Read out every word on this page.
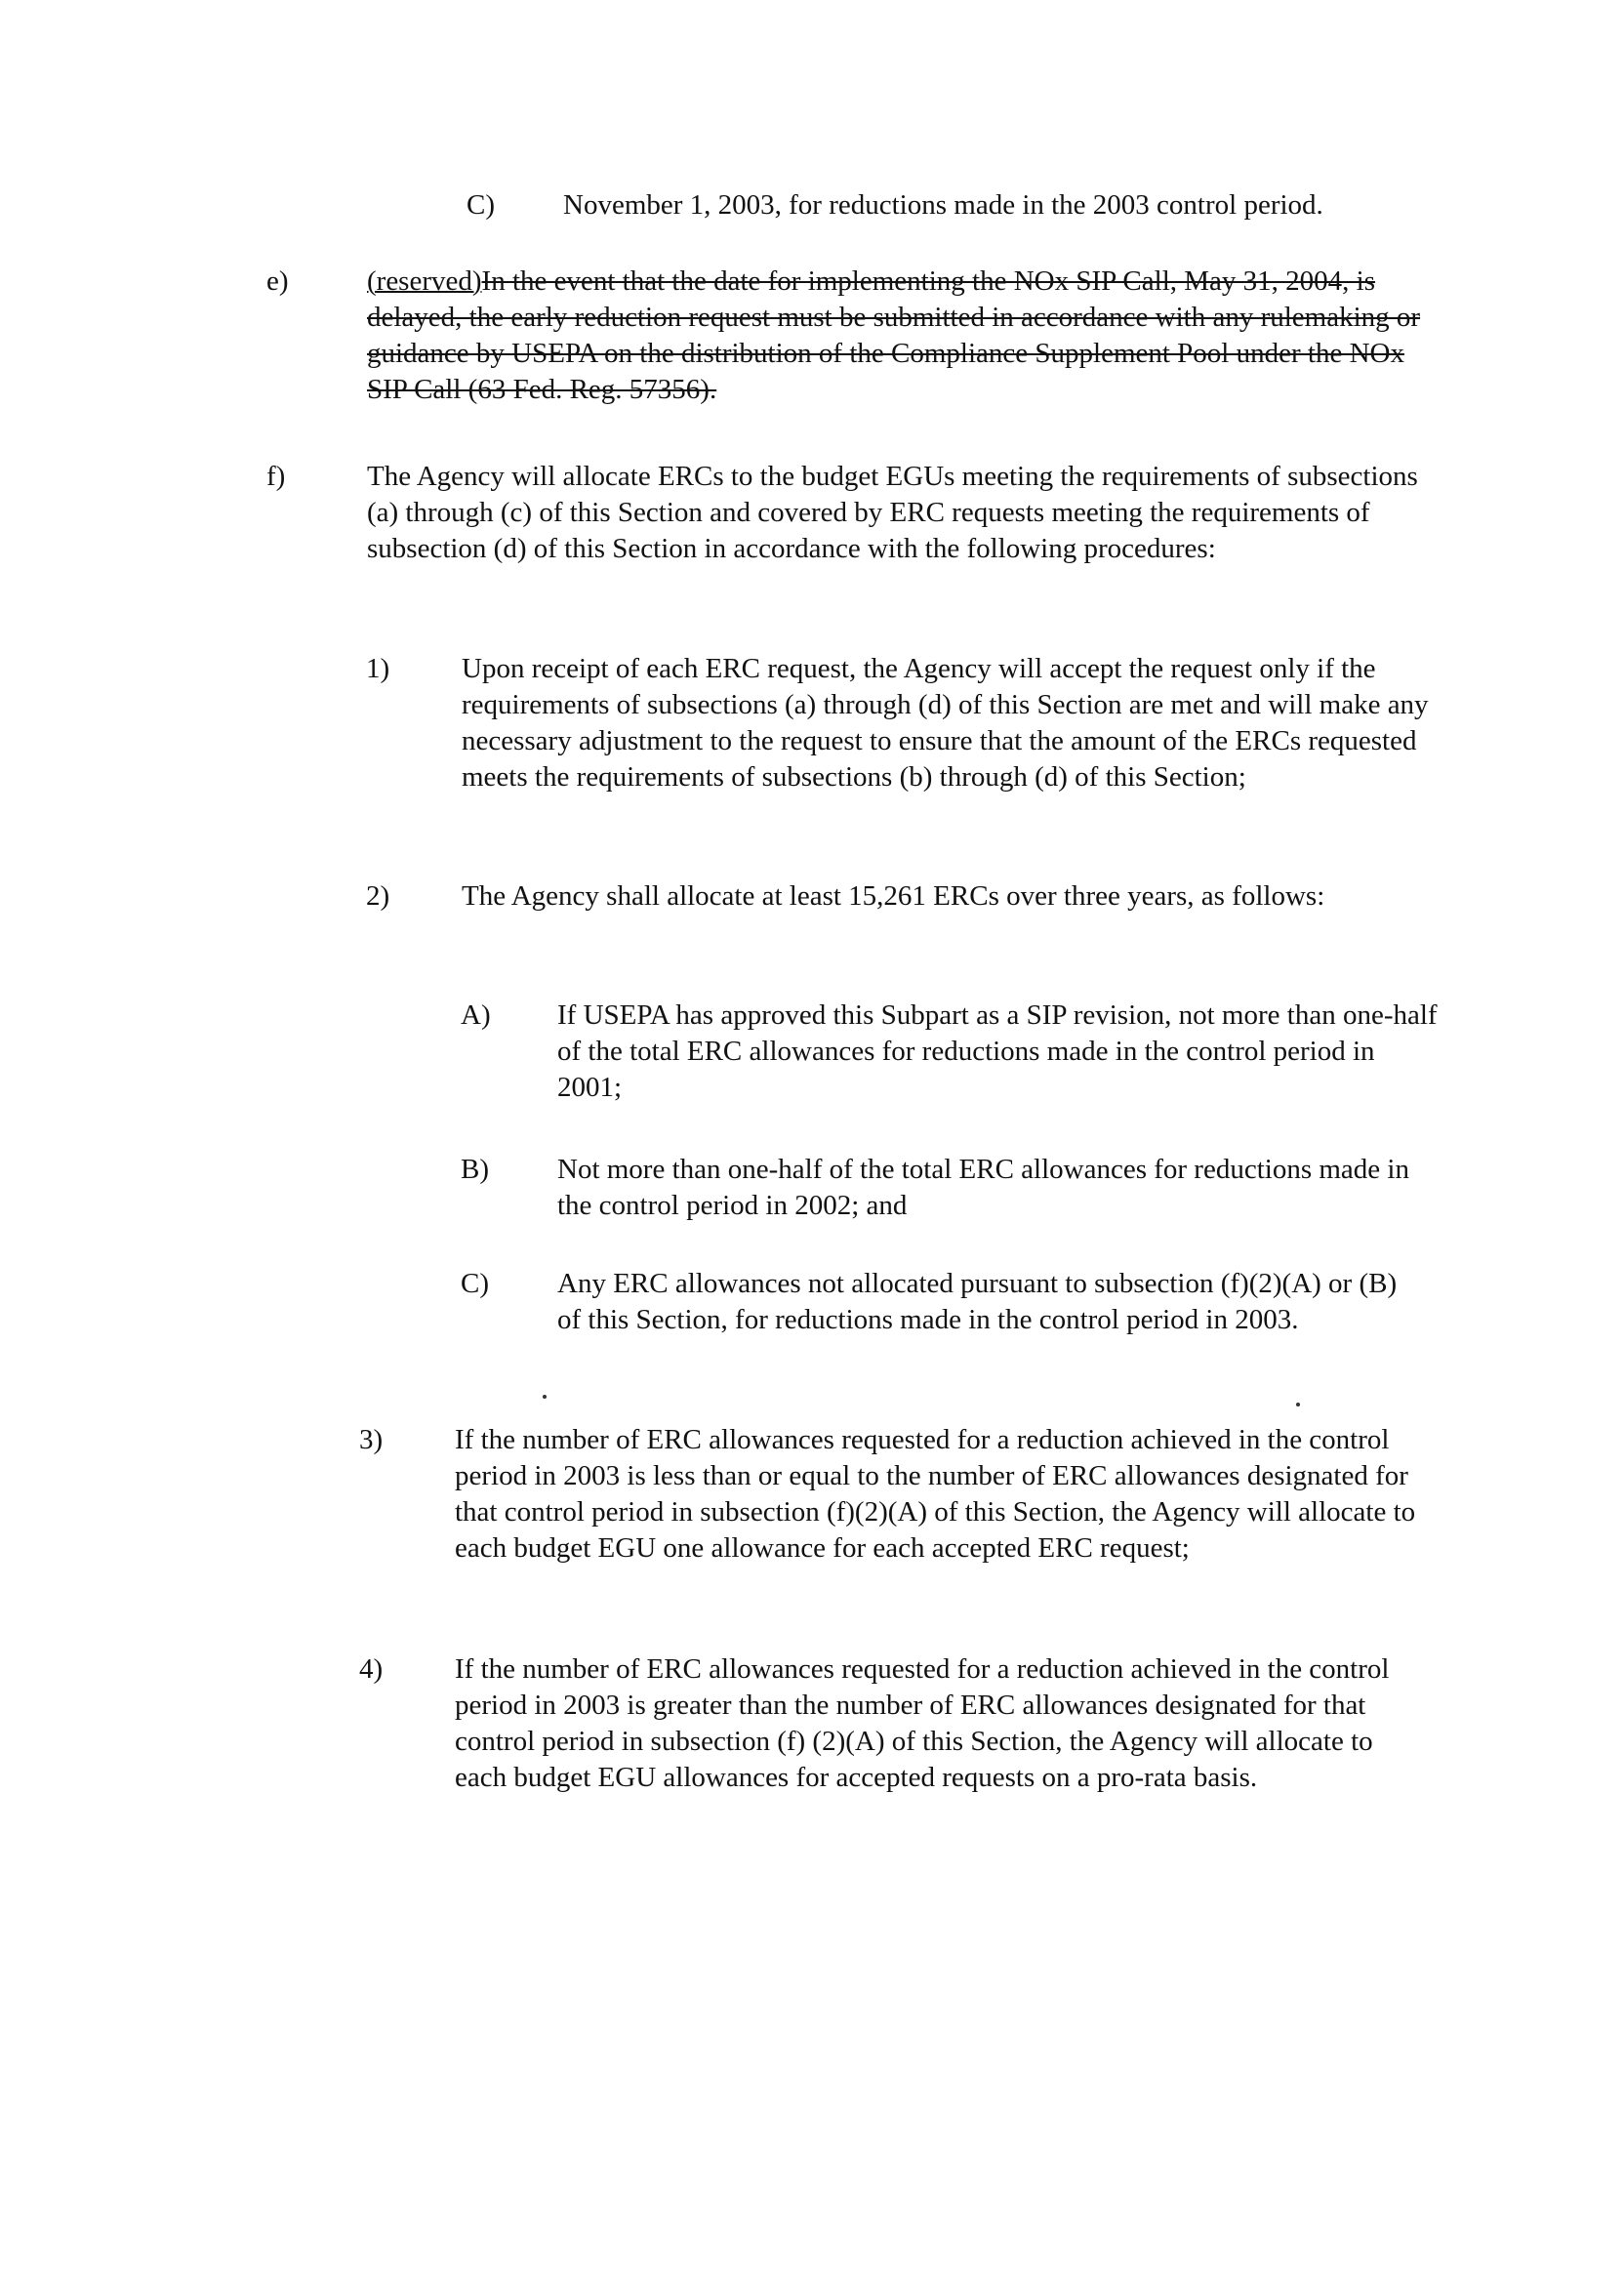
C) November 1, 2003, for reductions made in the 2003 control period.
e)	(reserved)In the event that the date for implementing the NOx SIP Call, May 31, 2004, is delayed, the early reduction request must be submitted in accordance with any rulemaking or guidance by USEPA on the distribution of the Compliance Supplement Pool under the NOx SIP Call (63 Fed. Reg. 57356).
f)	The Agency will allocate ERCs to the budget EGUs meeting the requirements of subsections (a) through (c) of this Section and covered by ERC requests meeting the requirements of subsection (d) of this Section in accordance with the following procedures:
1)	Upon receipt of each ERC request, the Agency will accept the request only if the requirements of subsections (a) through (d) of this Section are met and will make any necessary adjustment to the request to ensure that the amount of the ERCs requested meets the requirements of subsections (b) through (d) of this Section;
2)	The Agency shall allocate at least 15,261 ERCs over three years, as follows:
A) If USEPA has approved this Subpart as a SIP revision, not more than one-half of the total ERC allowances for reductions made in the control period in 2001;
B) Not more than one-half of the total ERC allowances for reductions made in the control period in 2002; and
C) Any ERC allowances not allocated pursuant to subsection (f)(2)(A) or (B) of this Section, for reductions made in the control period in 2003.
3)	If the number of ERC allowances requested for a reduction achieved in the control period in 2003 is less than or equal to the number of ERC allowances designated for that control period in subsection (f)(2)(A) of this Section, the Agency will allocate to each budget EGU one allowance for each accepted ERC request;
4)	If the number of ERC allowances requested for a reduction achieved in the control period in 2003 is greater than the number of ERC allowances designated for that control period in subsection (f) (2)(A) of this Section, the Agency will allocate to each budget EGU allowances for accepted requests on a pro-rata basis.
